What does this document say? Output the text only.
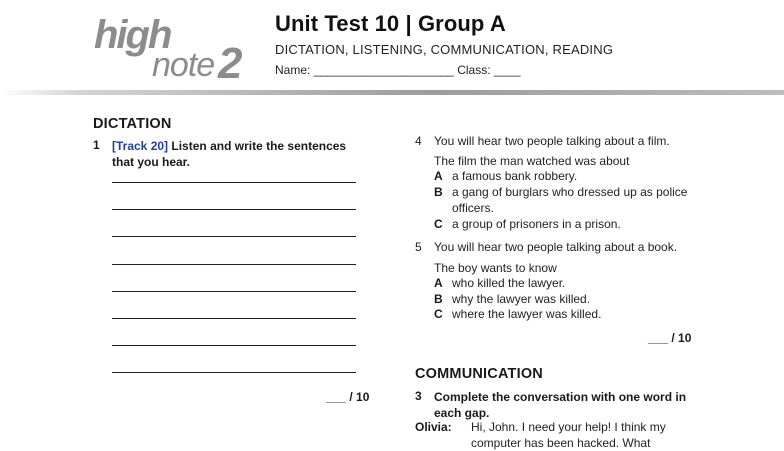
high
note 2
Unit Test 10 | Group A
DICTATION, LISTENING, COMMUNICATION, READING
Name: _____________________ Class: ____
DICTATION
1 [Track 20] Listen and write the sentences
that you hear.
___ / 10
4 You will hear two people talking about a film.
The film the man watched was about
A a famous bank robbery.
B a gang of burglars who dressed up as police
officers.
C a group of prisoners in a prison.
5 You will hear two people talking about a book.
The boy wants to know
A who killed the lawyer.
B why the lawyer was killed.
C where the lawyer was killed.
___ / 10
COMMUNICATION
3 Complete the conversation with one word in
each gap.
Olivia: Hi, John. I need your help! I think my
computer has been hacked. What
